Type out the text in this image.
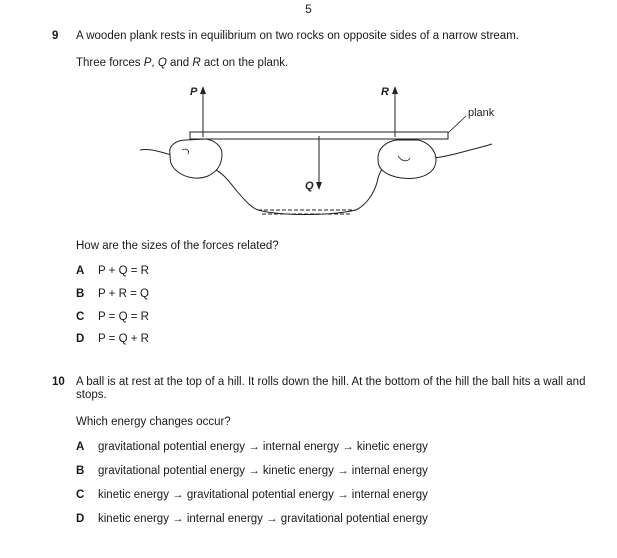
5
9 A wooden plank rests in equilibrium on two rocks on opposite sides of a narrow stream.
Three forces P, Q and R act on the plank.
P	R
Q
plank
How are the sizes of the forces related?
A P + Q = R
B P + R = Q
C P = Q = R
D P = Q + R
10 A ball is at rest at the top of a hill. It rolls down the hill. At the bottom of the hill the ball hits a wall and stops.
Which energy changes occur?
A gravitational potential energy → internal energy → kinetic energy
B gravitational potential energy → kinetic energy → internal energy
C kinetic energy → gravitational potential energy → internal energy
D kinetic energy → internal energy → gravitational potential energy
